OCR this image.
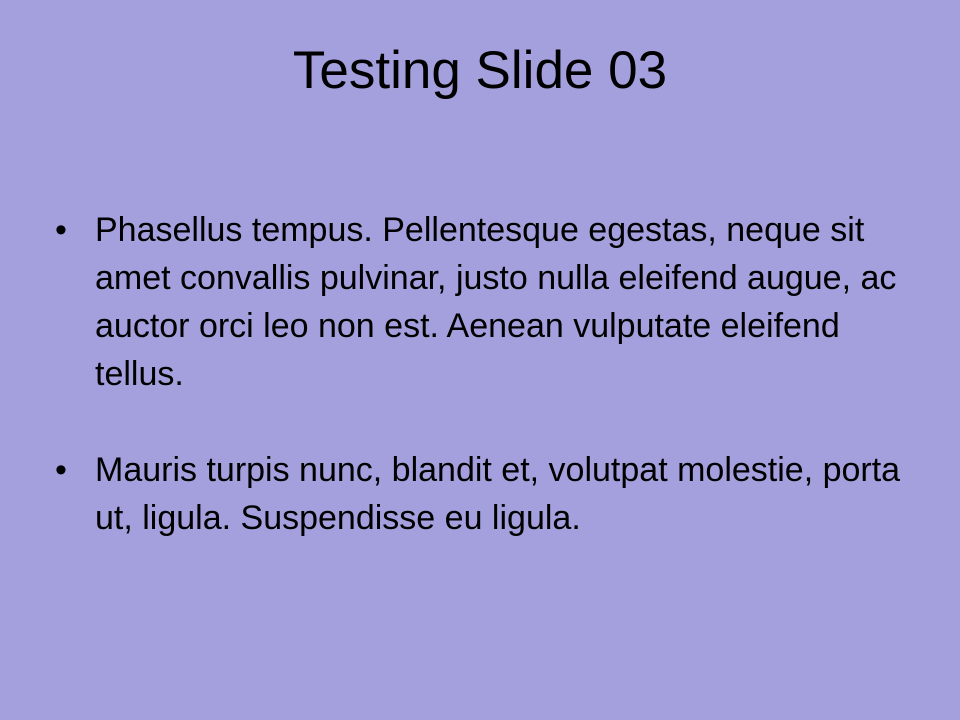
Testing Slide 03
• Phasellus tempus. Pellentesque egestas, neque sit amet convallis pulvinar, justo nulla eleifend augue, ac auctor orci leo non est. Aenean vulputate eleifend tellus.
• Mauris turpis nunc, blandit et, volutpat molestie, porta ut, ligula. Suspendisse eu ligula.
